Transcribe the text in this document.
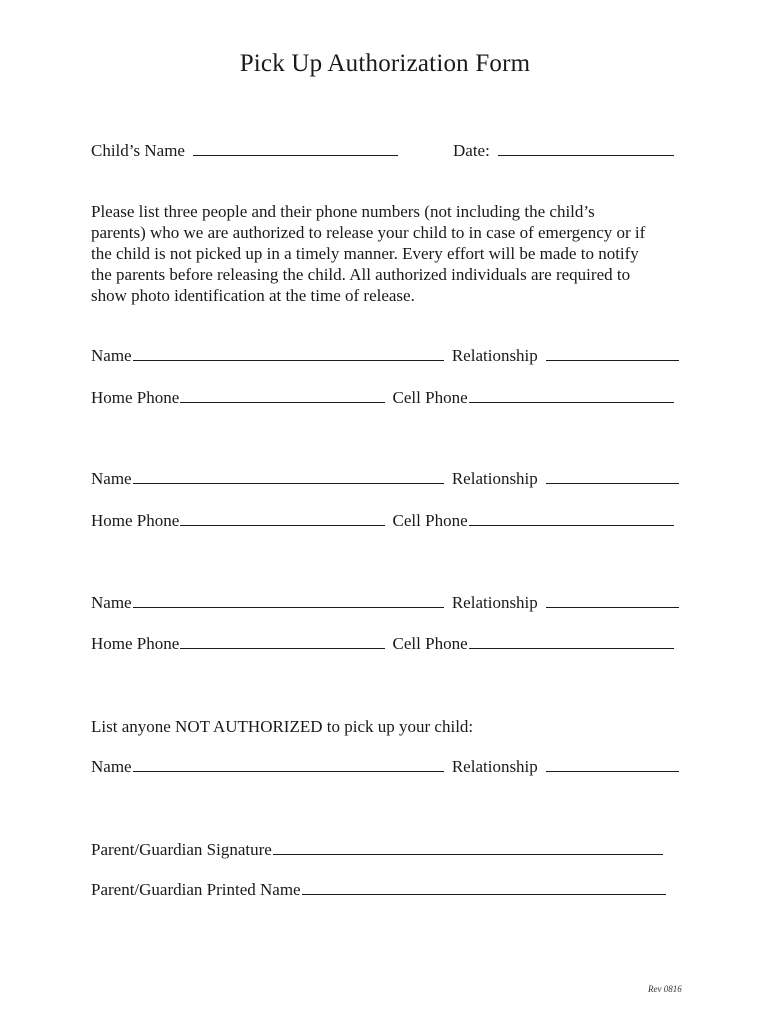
Pick Up Authorization Form
Child’s Name	Date:
Please list three people and their phone numbers (not including the child’s
parents) who we are authorized to release your child to in case of emergency or if
the child is not picked up in a timely manner. Every effort will be made to notify
the parents before releasing the child. All authorized individuals are required to
show photo identification at the time of release.
Name	Relationship
Home Phone	Cell Phone
Name	Relationship
Home Phone	Cell Phone
Name	Relationship
Home Phone	Cell Phone
List anyone NOT AUTHORIZED to pick up your child:
Name	Relationship
Parent/Guardian Signature
Parent/Guardian Printed Name
Rev 0816
